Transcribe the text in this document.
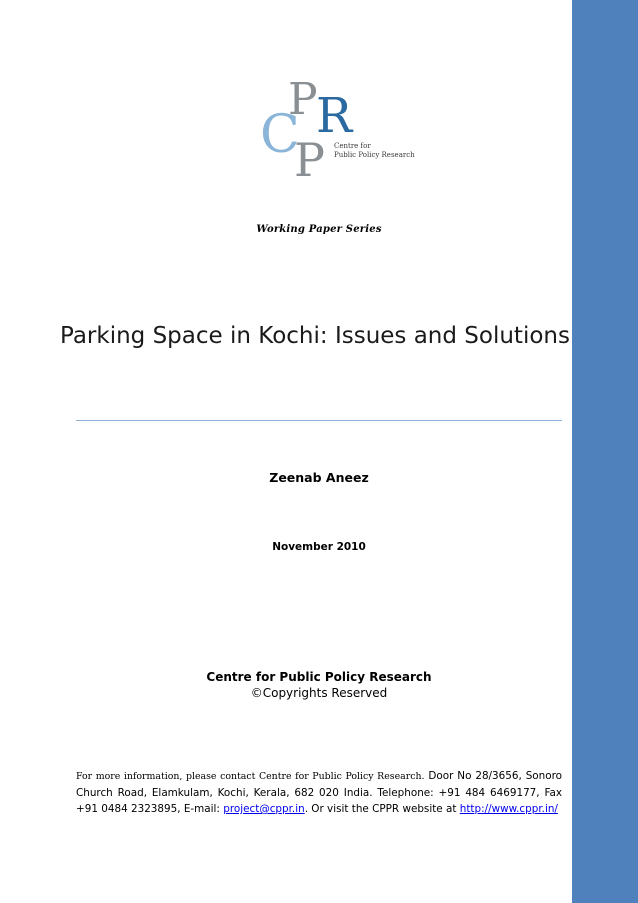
P
R
C
P Centre for
Public Policy Research
Working Paper Series
Parking Space in Kochi: Issues and Solutions
Zeenab Aneez
November 2010
Centre for Public Policy Research
©Copyrights Reserved
For more information, please contact Centre for Public Policy Research. Door No 28/3656, Sonoro Church Road, Elamkulam, Kochi, Kerala, 682 020 India. Telephone: +91 484 6469177, Fax +91 0484 2323895, E-mail: project@cppr.in. Or visit the CPPR website at http://www.cppr.in/
